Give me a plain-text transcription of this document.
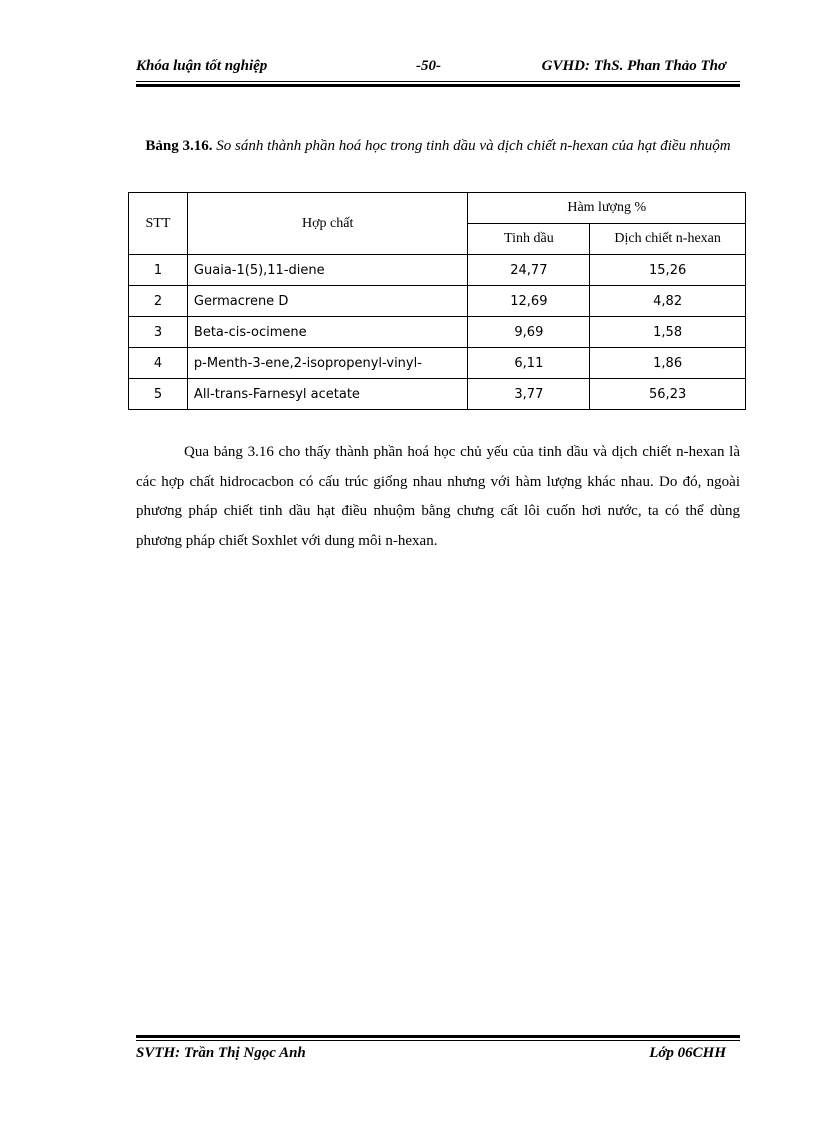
Khóa luận tốt nghiệp	-50-	GVHD: ThS. Phan Thảo Thơ
Bảng 3.16. So sánh thành phần hoá học trong tinh dầu và dịch chiết n-hexan của hạt điều nhuộm
STT	Hợp chất	Hàm lượng %	
		Tinh dầu	Dịch chiết n-hexan
1	Guaia-1(5),11-diene	24,77	15,26
2	Germacrene D	12,69	4,82
3	Beta-cis-ocimene	9,69	1,58
4	p-Menth-3-ene,2-isopropenyl-vinyl-	6,11	1,86
5	All-trans-Farnesyl acetate	3,77	56,23

Qua bảng 3.16 cho thấy thành phần hoá học chủ yếu của tinh dầu và dịch chiết n-hexan là các hợp chất hidrocacbon có cấu trúc giống nhau nhưng với hàm lượng khác nhau. Do đó, ngoài phương pháp chiết tinh dầu hạt điều nhuộm bằng chưng cất lôi cuốn hơi nước, ta có thể dùng phương pháp chiết Soxhlet với dung môi n-hexan.

SVTH: Trần Thị Ngọc Anh	Lớp 06CHH
